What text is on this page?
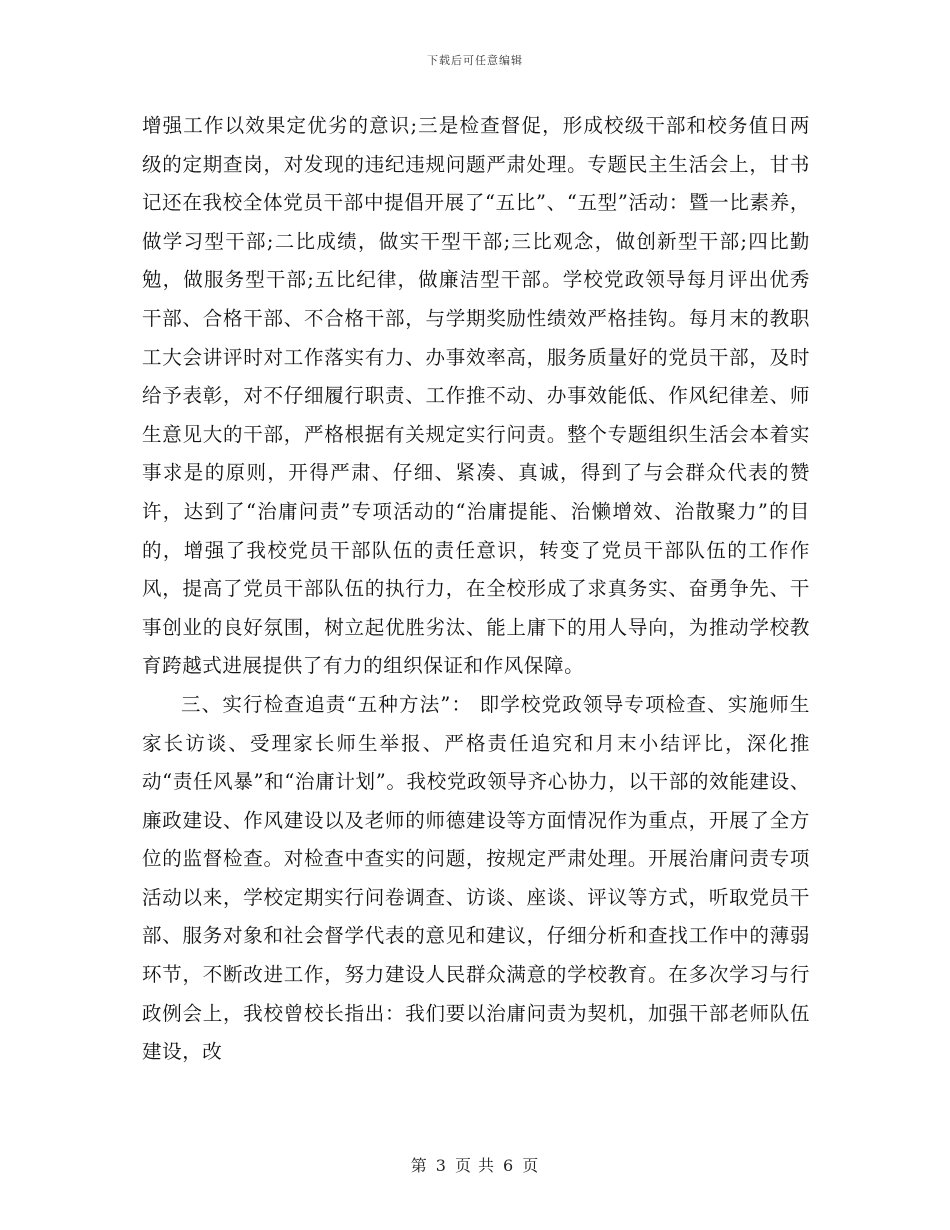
下载后可任意编辑

增强工作以效果定优劣的意识;三是检查督促，形成校级干部和校务值日两级的定期查岗，对发现的违纪违规问题严肃处理。专题民主生活会上，甘书记还在我校全体党员干部中提倡开展了“五比”、“五型”活动：暨一比素养，做学习型干部;二比成绩，做实干型干部;三比观念，做创新型干部;四比勤勉，做服务型干部;五比纪律，做廉洁型干部。学校党政领导每月评出优秀干部、合格干部、不合格干部，与学期奖励性绩效严格挂钩。每月末的教职工大会讲评时对工作落实有力、办事效率高，服务质量好的党员干部，及时给予表彰，对不仔细履行职责、工作推不动、办事效能低、作风纪律差、师生意见大的干部，严格根据有关规定实行问责。整个专题组织生活会本着实事求是的原则，开得严肃、仔细、紧凑、真诚，得到了与会群众代表的赞许，达到了“治庸问责”专项活动的“治庸提能、治懒增效、治散聚力”的目的，增强了我校党员干部队伍的责任意识，转变了党员干部队伍的工作作风，提高了党员干部队伍的执行力，在全校形成了求真务实、奋勇争先、干事创业的良好氛围，树立起优胜劣汰、能上庸下的用人导向，为推动学校教育跨越式进展提供了有力的组织保证和作风保障。

三、实行检查追责“五种方法”： 即学校党政领导专项检查、实施师生家长访谈、受理家长师生举报、严格责任追究和月末小结评比，深化推动“责任风暴”和“治庸计划”。我校党政领导齐心协力，以干部的效能建设、廉政建设、作风建设以及老师的师德建设等方面情况作为重点，开展了全方位的监督检查。对检查中查实的问题，按规定严肃处理。开展治庸问责专项活动以来，学校定期实行问卷调查、访谈、座谈、评议等方式，听取党员干部、服务对象和社会督学代表的意见和建议，仔细分析和查找工作中的薄弱环节，不断改进工作，努力建设人民群众满意的学校教育。在多次学习与行政例会上，我校曾校长指出：我们要以治庸问责为契机，加强干部老师队伍建设，改

第 3 页 共 6 页
